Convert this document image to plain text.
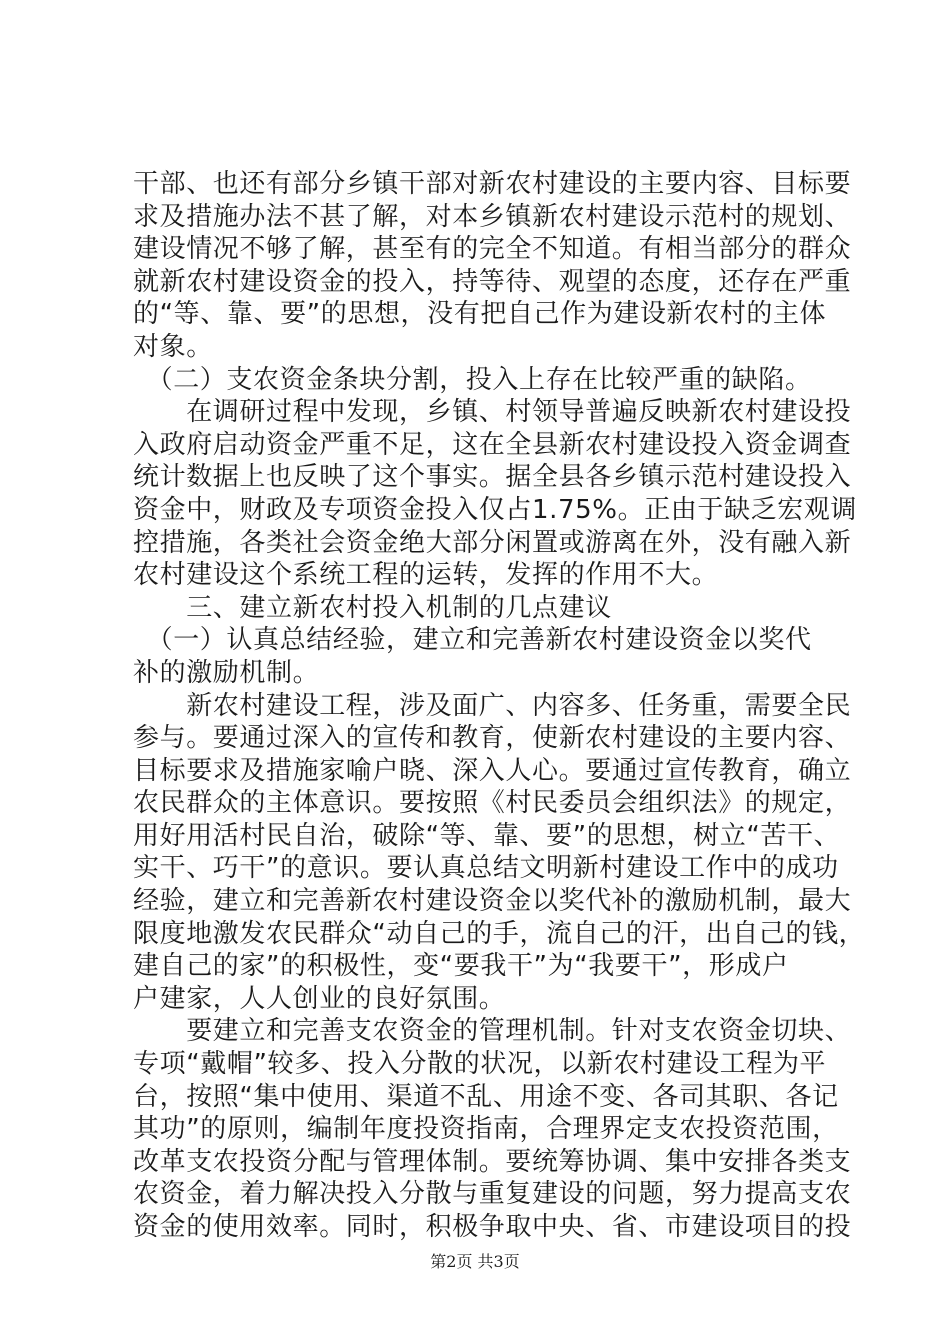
干部、也还有部分乡镇干部对新农村建设的主要内容、目标要
求及措施办法不甚了解，对本乡镇新农村建设示范村的规划、
建设情况不够了解，甚至有的完全不知道。有相当部分的群众
就新农村建设资金的投入，持等待、观望的态度，还存在严重
的“等、靠、要”的思想，没有把自己作为建设新农村的主体
对象。
　（二）支农资金条块分割，投入上存在比较严重的缺陷。
　　在调研过程中发现，乡镇、村领导普遍反映新农村建设投
入政府启动资金严重不足，这在全县新农村建设投入资金调查
统计数据上也反映了这个事实。据全县各乡镇示范村建设投入
资金中，财政及专项资金投入仅占1.75%。正由于缺乏宏观调
控措施，各类社会资金绝大部分闲置或游离在外，没有融入新
农村建设这个系统工程的运转，发挥的作用不大。
　　三、建立新农村投入机制的几点建议
　（一）认真总结经验，建立和完善新农村建设资金以奖代
补的激励机制。
　　新农村建设工程，涉及面广、内容多、任务重，需要全民
参与。要通过深入的宣传和教育，使新农村建设的主要内容、
目标要求及措施家喻户晓、深入人心。要通过宣传教育，确立
农民群众的主体意识。要按照《村民委员会组织法》的规定，
用好用活村民自治，破除“等、靠、要”的思想，树立“苦干、
实干、巧干”的意识。要认真总结文明新村建设工作中的成功
经验，建立和完善新农村建设资金以奖代补的激励机制，最大
限度地激发农民群众“动自己的手，流自己的汗，出自己的钱，
建自己的家”的积极性，变“要我干”为“我要干”，形成户
户建家，人人创业的良好氛围。
　　要建立和完善支农资金的管理机制。针对支农资金切块、
专项“戴帽”较多、投入分散的状况，以新农村建设工程为平
台，按照“集中使用、渠道不乱、用途不变、各司其职、各记
其功”的原则，编制年度投资指南，合理界定支农投资范围，
改革支农投资分配与管理体制。要统筹协调、集中安排各类支
农资金，着力解决投入分散与重复建设的问题，努力提高支农
资金的使用效率。同时，积极争取中央、省、市建设项目的投
第2页 共3页
